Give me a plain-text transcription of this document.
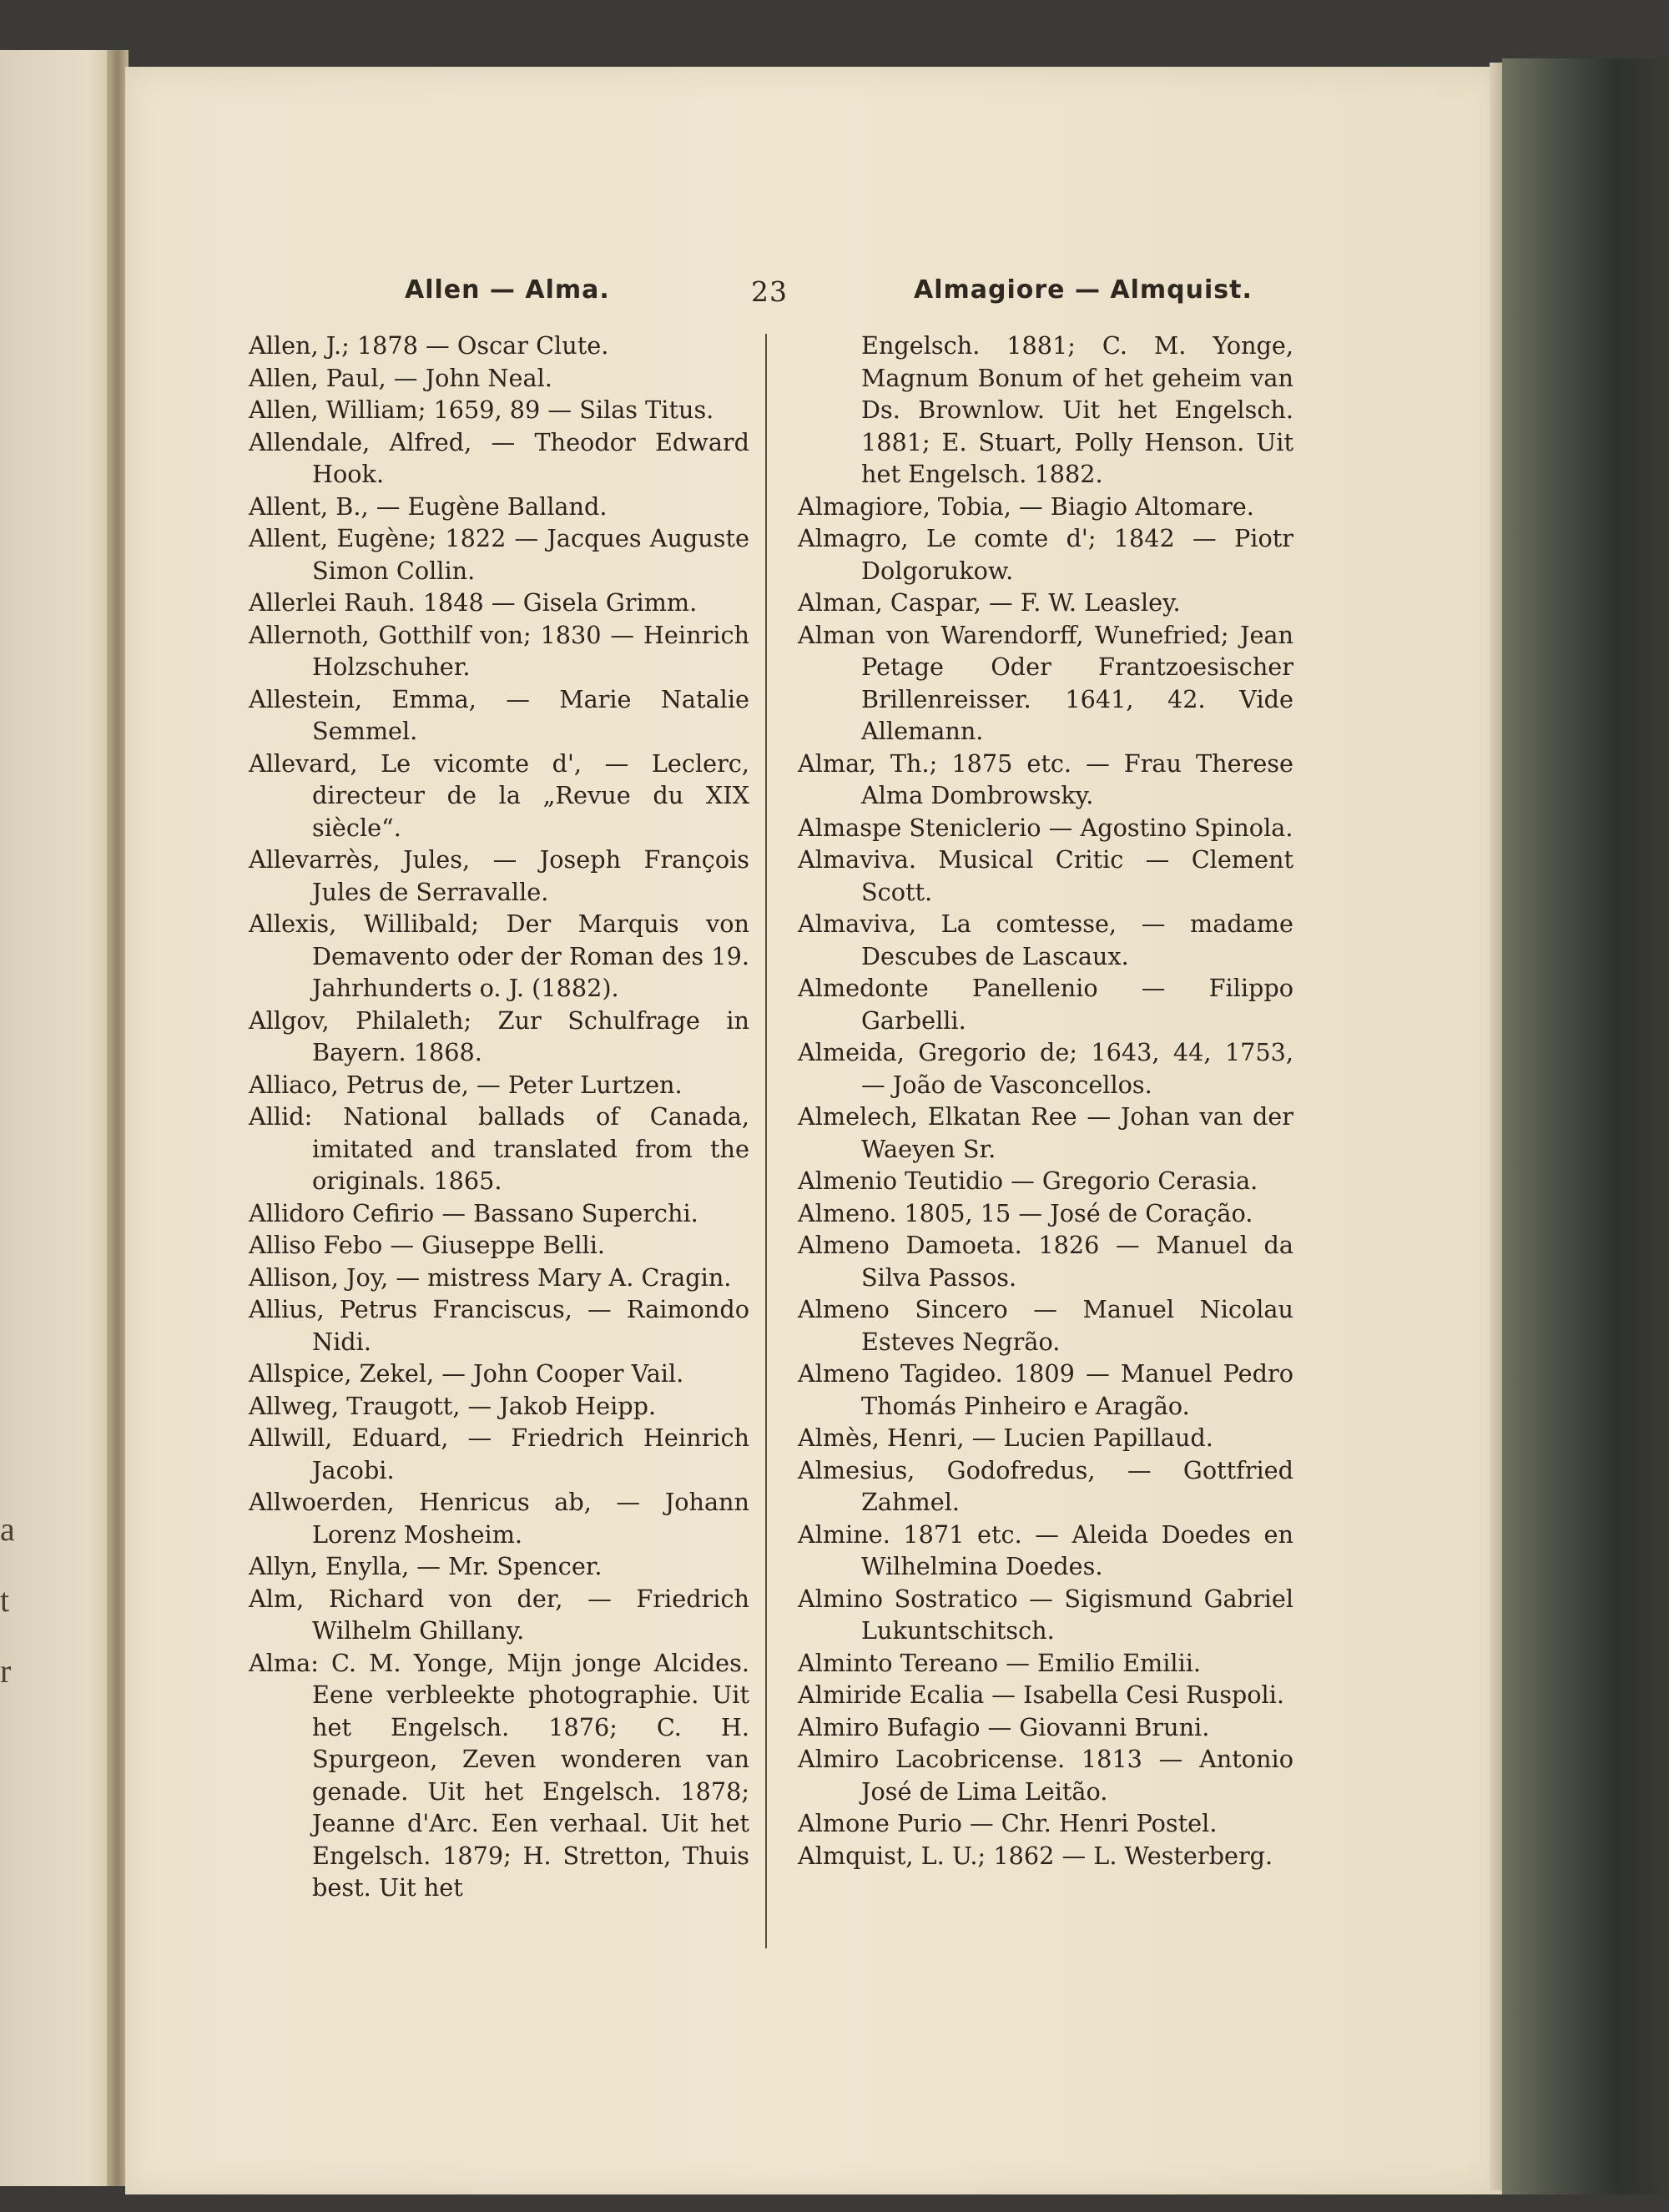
a
t
r
Allen — Alma.	23	Almagiore — Almquist.

Allen, J.; 1878 — Oscar Clute.

Allen, Paul, — John Neal.

Allen, William; 1659, 89 — Silas Titus.

Allendale, Alfred, — Theodor Edward Hook.

Allent, B., — Eugène Balland.

Allent, Eugène; 1822 — Jacques Auguste Simon Collin.

Allerlei Rauh. 1848 — Gisela Grimm.

Allernoth, Gotthilf von; 1830 — Heinrich Holzschuher.

Allestein, Emma, — Marie Natalie Semmel.

Allevard, Le vicomte d', — Leclerc, directeur de la „Revue du XIX siècle“.

Allevarrès, Jules, — Joseph François Jules de Serravalle.

Allexis, Willibald; Der Marquis von Demavento oder der Roman des 19. Jahrhunderts o. J. (1882).

Allgov, Philaleth; Zur Schulfrage in Bayern. 1868.

Alliaco, Petrus de, — Peter Lurtzen.

Allid: National ballads of Canada, imitated and translated from the originals. 1865.

Allidoro Cefirio — Bassano Superchi.

Alliso Febo — Giuseppe Belli.

Allison, Joy, — mistress Mary A. Cragin.

Allius, Petrus Franciscus, — Raimondo Nidi.

Allspice, Zekel, — John Cooper Vail.

Allweg, Traugott, — Jakob Heipp.

Allwill, Eduard, — Friedrich Heinrich Jacobi.

Allwoerden, Henricus ab, — Johann Lorenz Mosheim.

Allyn, Enylla, — Mr. Spencer.

Alm, Richard von der, — Friedrich Wilhelm Ghillany.

Alma: C. M. Yonge, Mijn jonge Alcides. Eene verbleekte photographie. Uit het Engelsch. 1876; C. H. Spurgeon, Zeven wonderen van genade. Uit het Engelsch. 1878; Jeanne d'Arc. Een verhaal. Uit het Engelsch. 1879; H. Stretton, Thuis best. Uit het

Engelsch. 1881; C. M. Yonge, Magnum Bonum of het geheim van Ds. Brownlow. Uit het Engelsch. 1881; E. Stuart, Polly Henson. Uit het Engelsch. 1882.

Almagiore, Tobia, — Biagio Altomare.

Almagro, Le comte d'; 1842 — Piotr Dolgorukow.

Alman, Caspar, — F. W. Leasley.

Alman von Warendorff, Wunefried; Jean Petage Oder Frantzoesischer Brillenreisser. 1641, 42. Vide Allemann.

Almar, Th.; 1875 etc. — Frau Therese Alma Dombrowsky.

Almaspe Steniclerio — Agostino Spinola.

Almaviva. Musical Critic — Clement Scott.

Almaviva, La comtesse, — madame Descubes de Lascaux.

Almedonte Panellenio — Filippo Garbelli.

Almeida, Gregorio de; 1643, 44, 1753, — João de Vasconcellos.

Almelech, Elkatan Ree — Johan van der Waeyen Sr.

Almenio Teutidio — Gregorio Cerasia.

Almeno. 1805, 15 — José de Coração.

Almeno Damoeta. 1826 — Manuel da Silva Passos.

Almeno Sincero — Manuel Nicolau Esteves Negrão.

Almeno Tagideo. 1809 — Manuel Pedro Thomás Pinheiro e Aragão.

Almès, Henri, — Lucien Papillaud.

Almesius, Godofredus, — Gottfried Zahmel.

Almine. 1871 etc. — Aleida Doedes en Wilhelmina Doedes.

Almino Sostratico — Sigismund Gabriel Lukuntschitsch.

Alminto Tereano — Emilio Emilii.

Almiride Ecalia — Isabella Cesi Ruspoli.

Almiro Bufagio — Giovanni Bruni.

Almiro Lacobricense. 1813 — Antonio José de Lima Leitão.

Almone Purio — Chr. Henri Postel.

Almquist, L. U.; 1862 — L. Westerberg.
